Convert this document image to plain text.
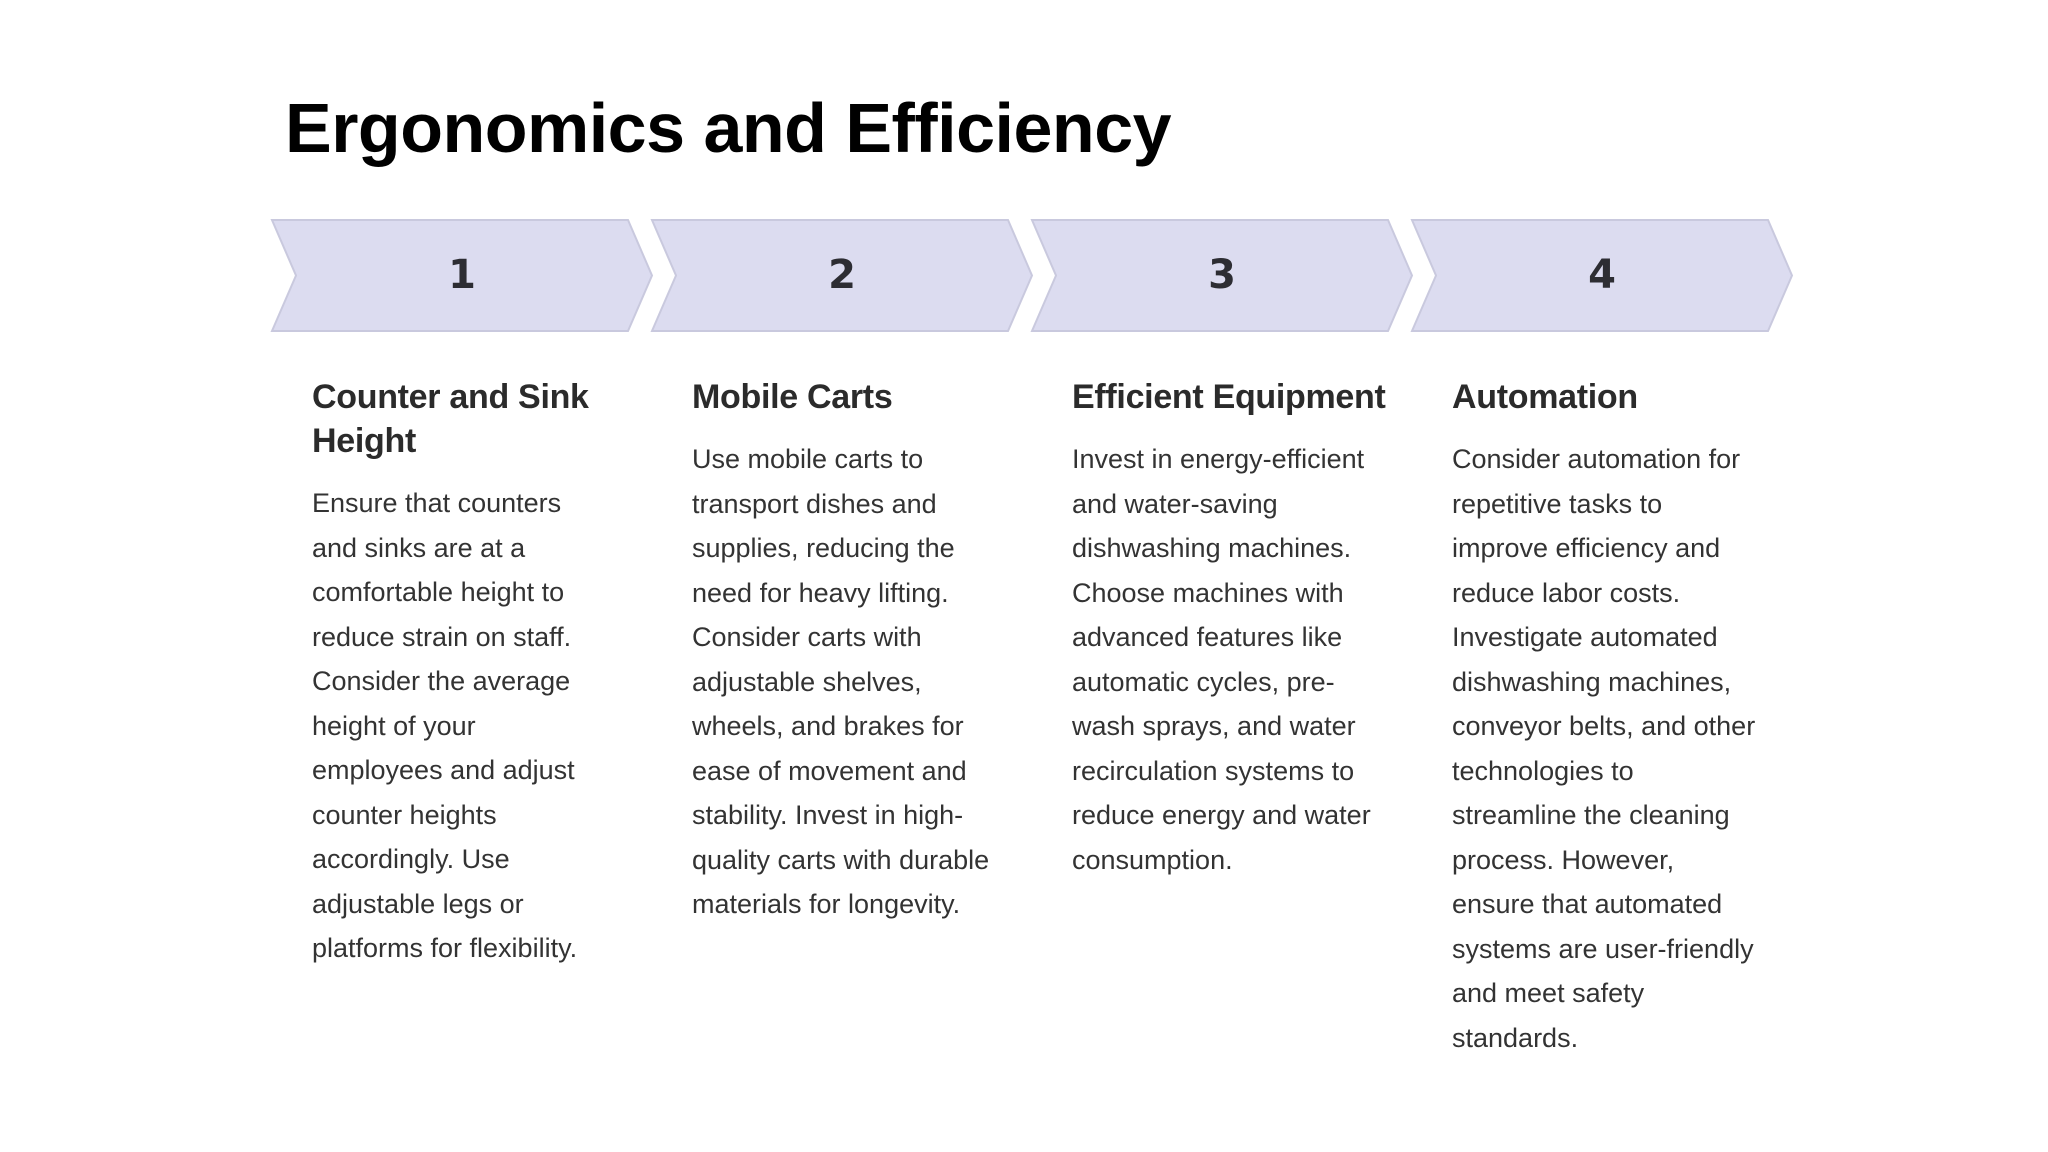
Ergonomics and Efficiency
1	2	3	4
Counter and Sink Height

Ensure that counters and sinks are at a comfortable height to reduce strain on staff. Consider the average height of your employees and adjust counter heights accordingly. Use adjustable legs or platforms for flexibility.

Mobile Carts

Use mobile carts to transport dishes and supplies, reducing the need for heavy lifting. Consider carts with adjustable shelves, wheels, and brakes for ease of movement and stability. Invest in high-quality carts with durable materials for longevity.

Efficient Equipment

Invest in energy-efficient and water-saving dishwashing machines. Choose machines with advanced features like automatic cycles, pre-wash sprays, and water recirculation systems to reduce energy and water consumption.

Automation

Consider automation for repetitive tasks to improve efficiency and reduce labor costs. Investigate automated dishwashing machines, conveyor belts, and other technologies to streamline the cleaning process. However, ensure that automated systems are user-friendly and meet safety standards.
